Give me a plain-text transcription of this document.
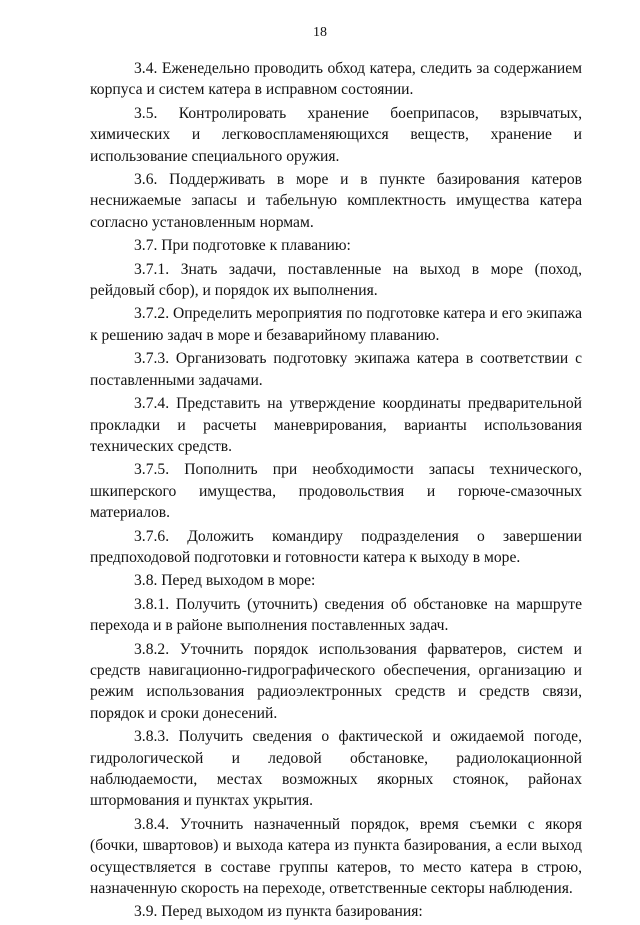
18

3.4. Еженедельно проводить обход катера, следить за содержанием корпуса и систем катера в исправном состоянии.

3.5. Контролировать хранение боеприпасов, взрывчатых, химических и легковоспламеняющихся веществ, хранение и использование специального оружия.

3.6. Поддерживать в море и в пункте базирования катеров неснижаемые запасы и табельную комплектность имущества катера согласно установленным нормам.

3.7. При подготовке к плаванию:

3.7.1. Знать задачи, поставленные на выход в море (поход, рейдовый сбор), и порядок их выполнения.

3.7.2. Определить мероприятия по подготовке катера и его экипажа к решению задач в море и безаварийному плаванию.

3.7.3. Организовать подготовку экипажа катера в соответствии с поставленными задачами.

3.7.4. Представить на утверждение координаты предварительной прокладки и расчеты маневрирования, варианты использования технических средств.

3.7.5. Пополнить при необходимости запасы технического, шкиперского имущества, продовольствия и горюче-смазочных материалов.

3.7.6. Доложить командиру подразделения о завершении предпоходовой подготовки и готовности катера к выходу в море.

3.8. Перед выходом в море:

3.8.1. Получить (уточнить) сведения об обстановке на маршруте перехода и в районе выполнения поставленных задач.

3.8.2. Уточнить порядок использования фарватеров, систем и средств навигационно-гидрографического обеспечения, организацию и режим использования радиоэлектронных средств и средств связи, порядок и сроки донесений.

3.8.3. Получить сведения о фактической и ожидаемой погоде, гидрологической и ледовой обстановке, радиолокационной наблюдаемости, местах возможных якорных стоянок, районах штормования и пунктах укрытия.

3.8.4. Уточнить назначенный порядок, время съемки с якоря (бочки, швартовов) и выхода катера из пункта базирования, а если выход осуществляется в составе группы катеров, то место катера в строю, назначенную скорость на переходе, ответственные секторы наблюдения.

3.9. Перед выходом из пункта базирования:
